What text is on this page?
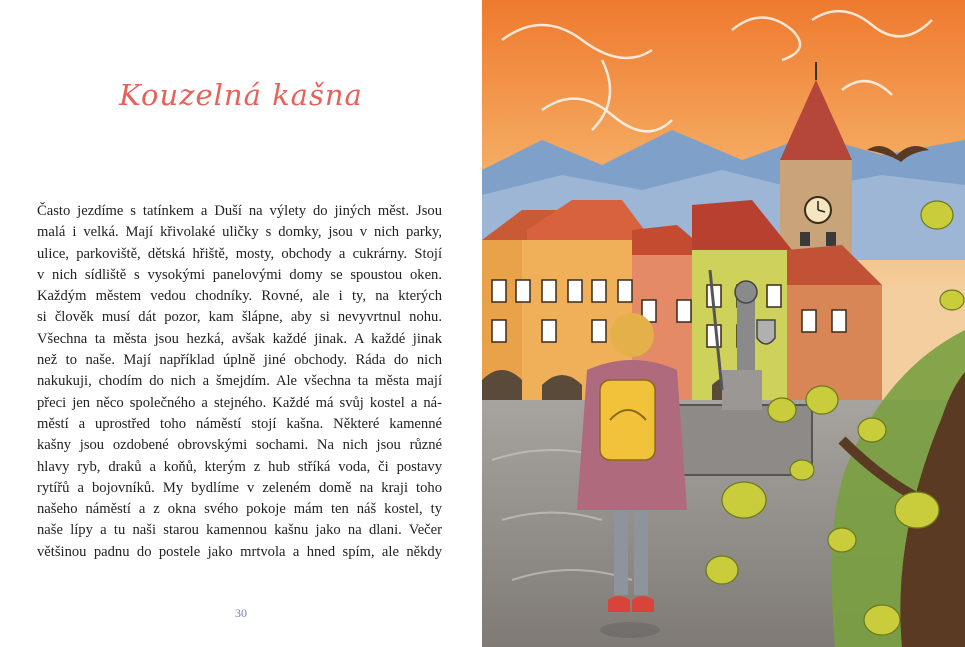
Kouzelná kašna

Často jezdíme s tatínkem a Duší na výlety do jiných měst. Jsou
malá i velká. Mají křivolaké uličky s domky, jsou v nich parky,
ulice, parkoviště, dětská hřiště, mosty, obchody a cukrárny. Stojí
v nich sídliště s vysokými panelovými domy se spoustou oken.
Každým městem vedou chodníky. Rovné, ale i ty, na kterých
si člověk musí dát pozor, kam šlápne, aby si nevyvrtnul nohu.
Všechna ta města jsou hezká, avšak každé jinak. A každé jinak
než to naše. Mají například úplně jiné obchody. Ráda do nich
nakukuji, chodím do nich a šmejdím. Ale všechna ta města mají
přeci jen něco společného a stejného. Každé má svůj kostel a ná-
městí a uprostřed toho náměstí stojí kašna. Některé kamenné
kašny jsou ozdobené obrovskými sochami. Na nich jsou různé
hlavy ryb, draků a koňů, kterým z hub stříká voda, či postavy
rytířů a bojovníků. My bydlíme v zeleném domě na kraji toho
našeho náměstí a z okna svého pokoje mám ten náš kostel, ty
naše lípy a tu naši starou kamennou kašnu jako na dlani. Večer
většinou padnu do postele jako mrtvola a hned spím, ale někdy

30
